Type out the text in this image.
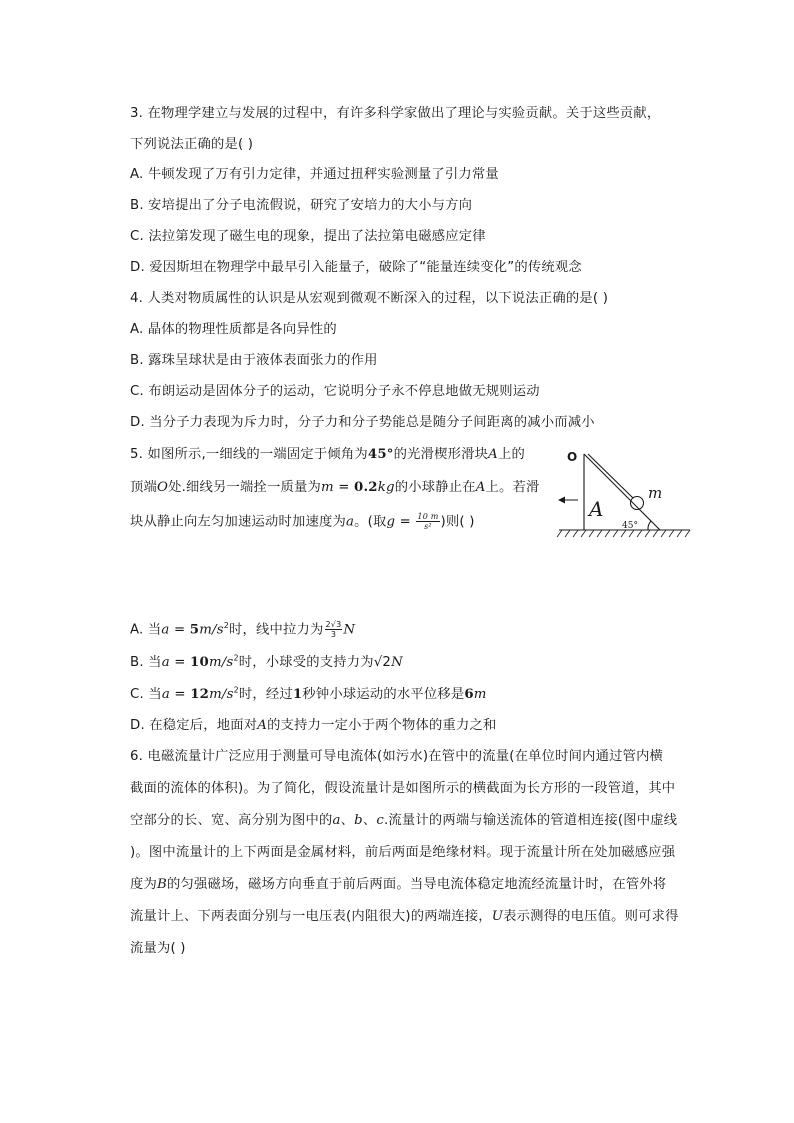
3. 在物理学建立与发展的过程中，有许多科学家做出了理论与实验贡献。关于这些贡献，
下列说法正确的是( )
A. 牛顿发现了万有引力定律，并通过扭秤实验测量了引力常量
B. 安培提出了分子电流假说，研究了安培力的大小与方向
C. 法拉第发现了磁生电的现象，提出了法拉第电磁感应定律
D. 爱因斯坦在物理学中最早引入能量子，破除了“能量连续变化”的传统观念
4. 人类对物质属性的认识是从宏观到微观不断深入的过程，以下说法正确的是( )
A. 晶体的物理性质都是各向异性的
B. 露珠呈球状是由于液体表面张力的作用
C. 布朗运动是固体分子的运动，它说明分子永不停息地做无规则运动
D. 当分子力表现为斥力时，分子力和分子势能总是随分子间距离的减小而减小
5. 如图所示,一细线的一端固定于倾角为45°的光滑楔形滑块A上的
顶端O处.细线另一端拴一质量为m = 0.2kg的小球静止在A上。若滑
块从静止向左匀加速运动时加速度为a。(取$g = \frac{10 m}{\text{s²}}$ )则( )
O
m
A
45°
A. 当$a = 5m/s^2$时，线中拉力为 $\frac{2√3}{3}$ N
B. 当$a = 10m/s^2$时，小球受的支持力为√2N
C. 当$a = 12m/s^2$时，经过1秒钟小球运动的水平位移是6m
D. 在稳定后，地面对A的支持力一定小于两个物体的重力之和
6. 电磁流量计广泛应用于测量可导电流体(如污水)在管中的流量(在单位时间内通过管内横
截面的流体的体积)。为了简化，假设流量计是如图所示的横截面为长方形的一段管道，其中
空部分的长、宽、高分别为图中的a、b、c.流量计的两端与输送流体的管道相连接(图中虚线
)。图中流量计的上下两面是金属材料，前后两面是绝缘材料。现于流量计所在处加磁感应强
度为B的匀强磁场，磁场方向垂直于前后两面。当导电流体稳定地流经流量计时，在管外将
流量计上、下两表面分别与一电压表(内阻很大)的两端连接，U表示测得的电压值。则可求得
流量为( )
